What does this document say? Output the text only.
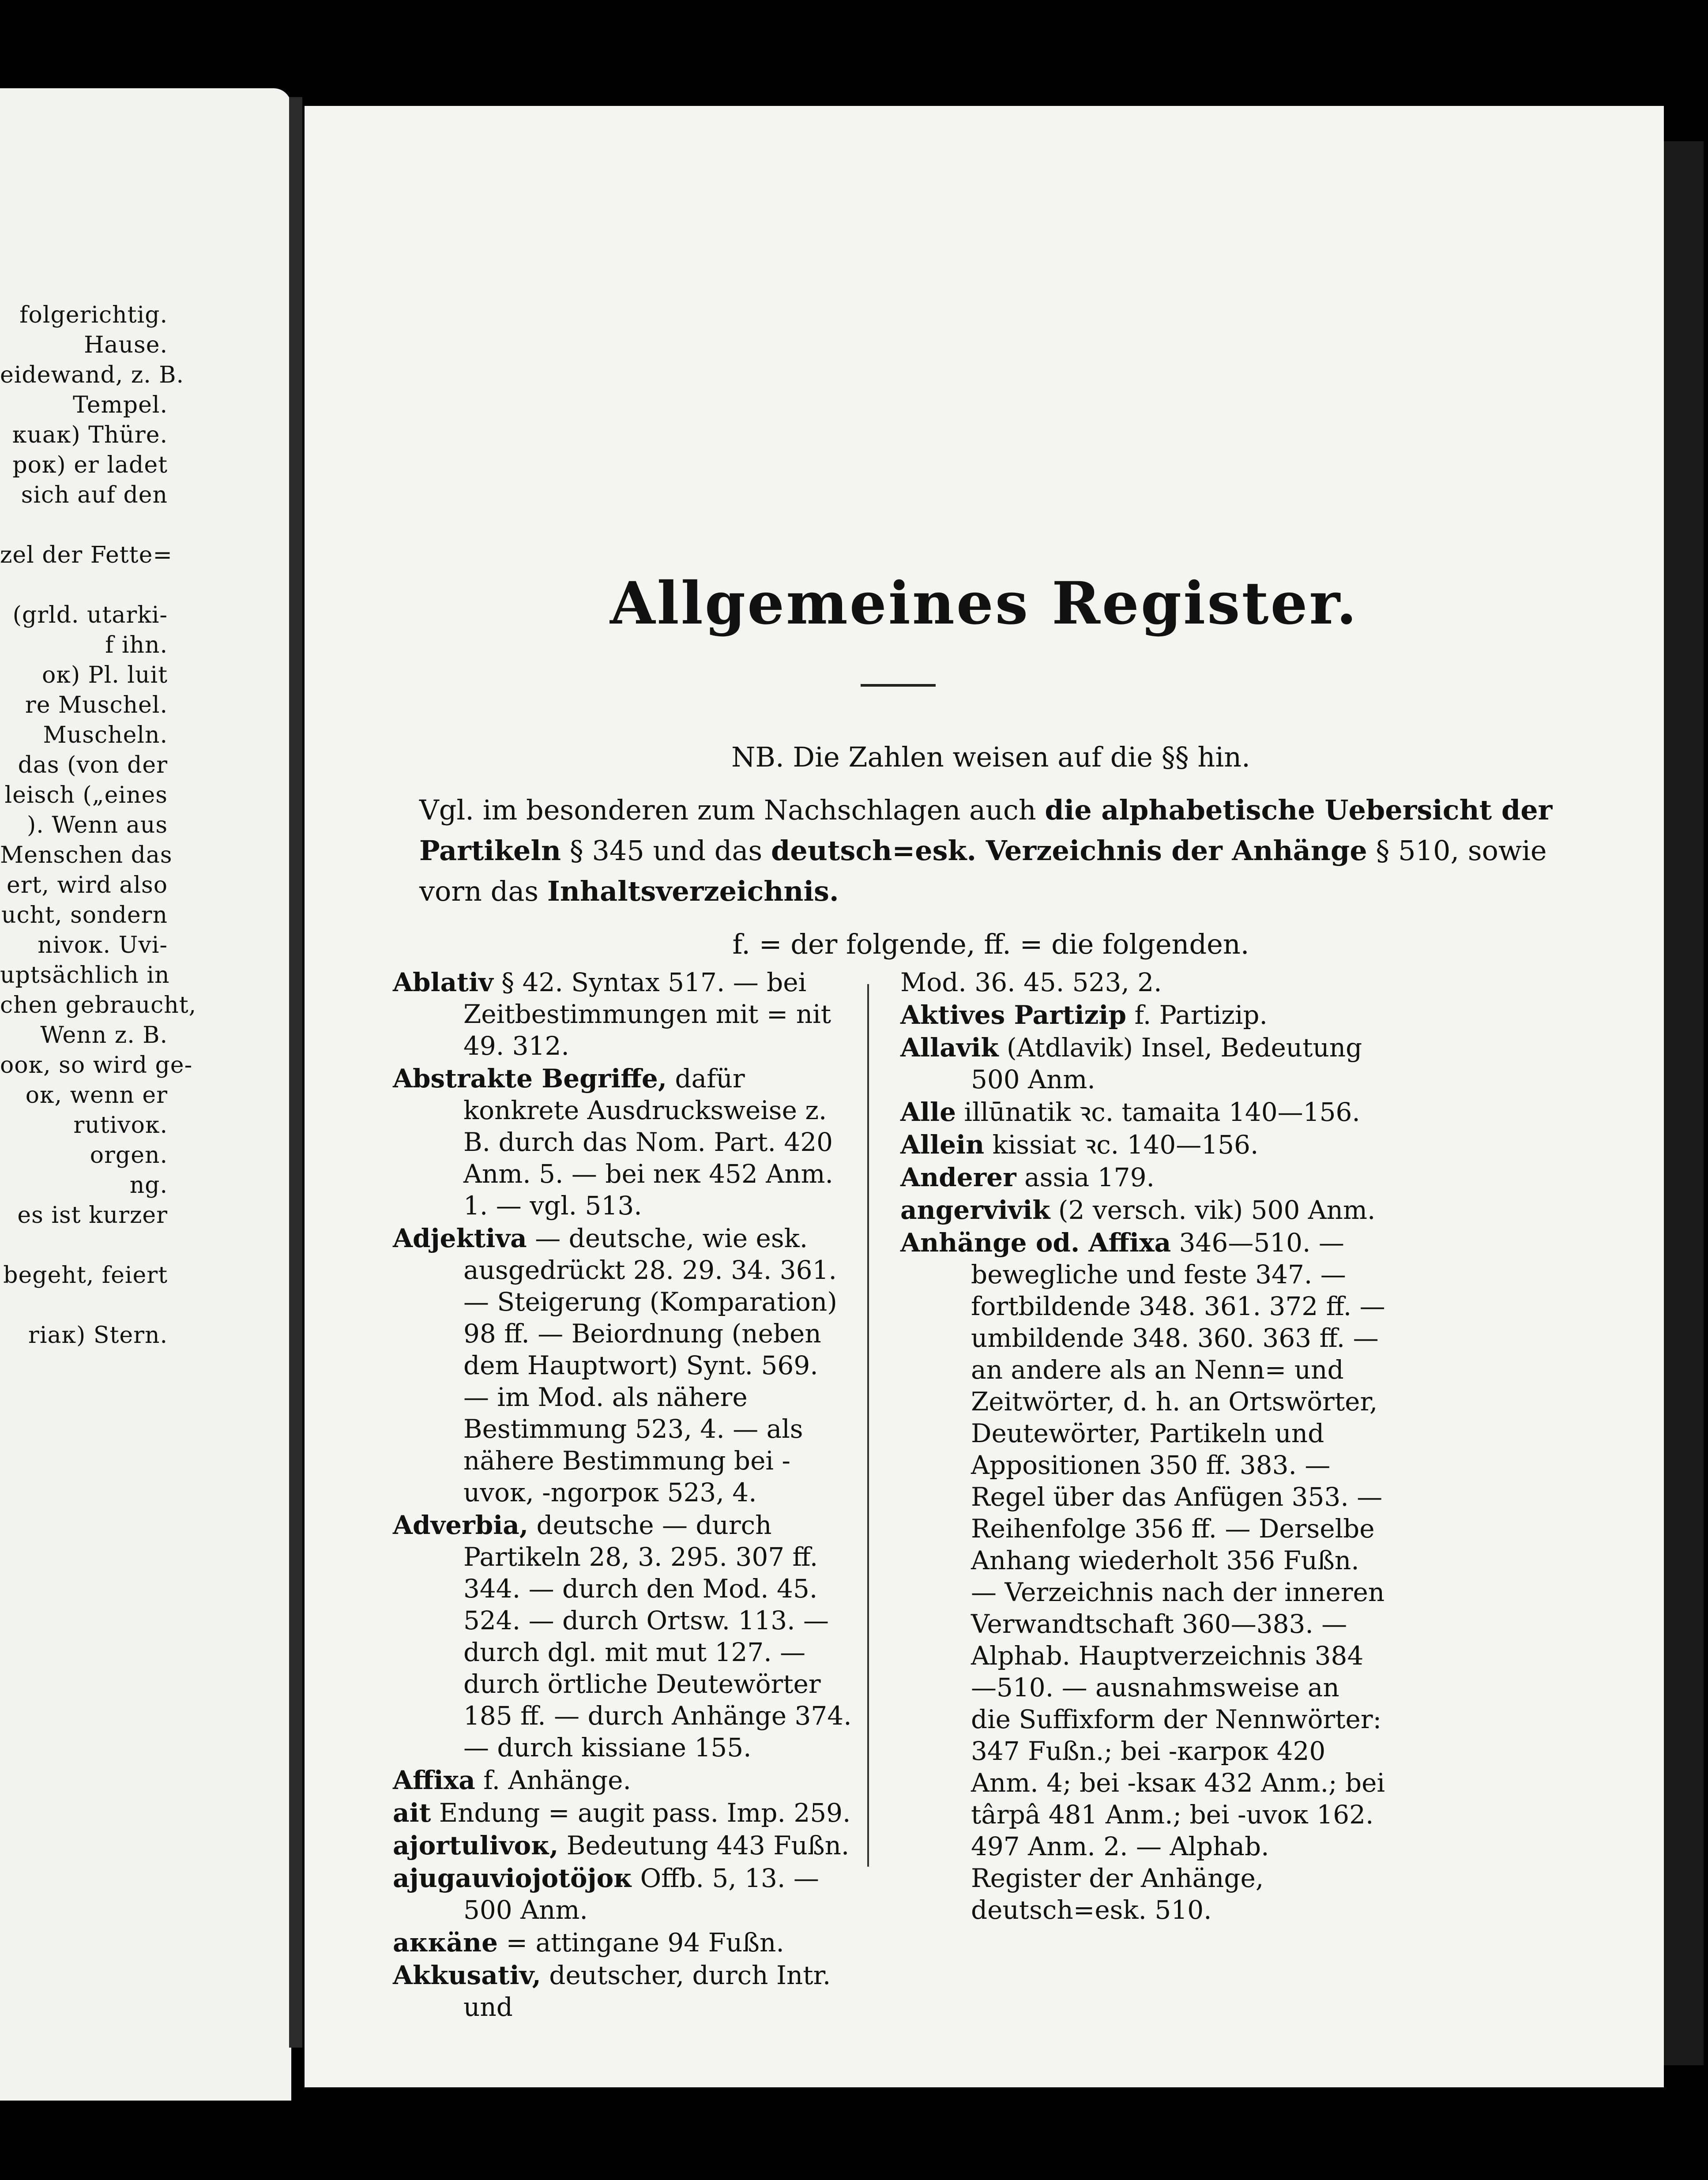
folgerichtig.
Hause.
eidewand, z. B.
Tempel.
кuaк) Thüre.
рок) er ladet
sich auf den
zel der Fette=
(grld. utarki-
f ihn.
ок) Pl. luit
re Muschel.
Muscheln.
das (von der
leisch („eines
). Wenn aus
Menschen das
ert, wird also
ucht, sondern
nivoк. Uvi-
uptsächlich in
chen gebraucht,
Wenn z. B.
ooк, so wird ge-
oк, wenn er
rutivoк.
orgen.
ng.
es ist kurzer
begeht, feiert
riaк) Stern.
Allgemeines Register.

NB. Die Zahlen weisen auf die §§ hin.

Vgl. im besonderen zum Nachschlagen auch die alphabetische Uebersicht der Partikeln § 345 und das deutsch=esk. Verzeichnis der Anhänge § 510, sowie vorn das Inhaltsverzeichnis.

f. = der folgende, ff. = die folgenden.

Ablativ § 42. Syntax 517. — bei Zeitbestimmungen mit = nit 49. 312.

Abstrakte Begriffe, dafür konkrete Ausdrucksweise z. B. durch das Nom. Part. 420 Anm. 5. — bei neк 452 Anm. 1. — vgl. 513.

Adjektiva — deutsche, wie esk. ausgedrückt 28. 29. 34. 361. — Steigerung (Komparation) 98 ff. — Beiordnung (neben dem Hauptwort) Synt. 569. — im Mod. als nähere Bestimmung 523, 4. — als nähere Bestimmung bei -uvoк, -ngorpoк 523, 4.

Adverbia, deutsche — durch Partikeln 28, 3. 295. 307 ff. 344. — durch den Mod. 45. 524. — durch Ortsw. 113. — durch dgl. mit mut 127. — durch örtliche Deutewörter 185 ff. — durch Anhänge 374. — durch kissiane 155.

Affixa f. Anhänge.

ait Endung = augit pass. Imp. 259.

ajortulivoк, Bedeutung 443 Fußn.

ajugauviojotöjoк Offb. 5, 13. — 500 Anm.

aккäne = attingane 94 Fußn.

Akkusativ, deutscher, durch Intr. und

Mod. 36. 45. 523, 2.

Aktives Partizip f. Partizip.

Allavik (Atdlavik) Insel, Bedeutung 500 Anm.

Alle illūnatik ꝛc. tamaita 140—156.

Allein kissiat ꝛc. 140—156.

Anderer assia 179.

angervivik (2 versch. vik) 500 Anm.

Anhänge od. Affixa 346—510. — bewegliche und feste 347. — fortbildende 348. 361. 372 ff. — umbildende 348. 360. 363 ff. — an andere als an Nenn= und Zeitwörter, d. h. an Ortswörter, Deutewörter, Partikeln und Appositionen 350 ff. 383. — Regel über das Anfügen 353. — Reihenfolge 356 ff. — Derselbe Anhang wiederholt 356 Fußn. — Verzeichnis nach der inneren Verwandtschaft 360—383. — Alphab. Hauptverzeichnis 384—510. — ausnahmsweise an die Suffixform der Nennwörter: 347 Fußn.; bei -кarpoк 420 Anm. 4; bei -ksaк 432 Anm.; bei târpâ 481 Anm.; bei -uvoк 162. 497 Anm. 2. — Alphab. Register der Anhänge, deutsch=esk. 510.
